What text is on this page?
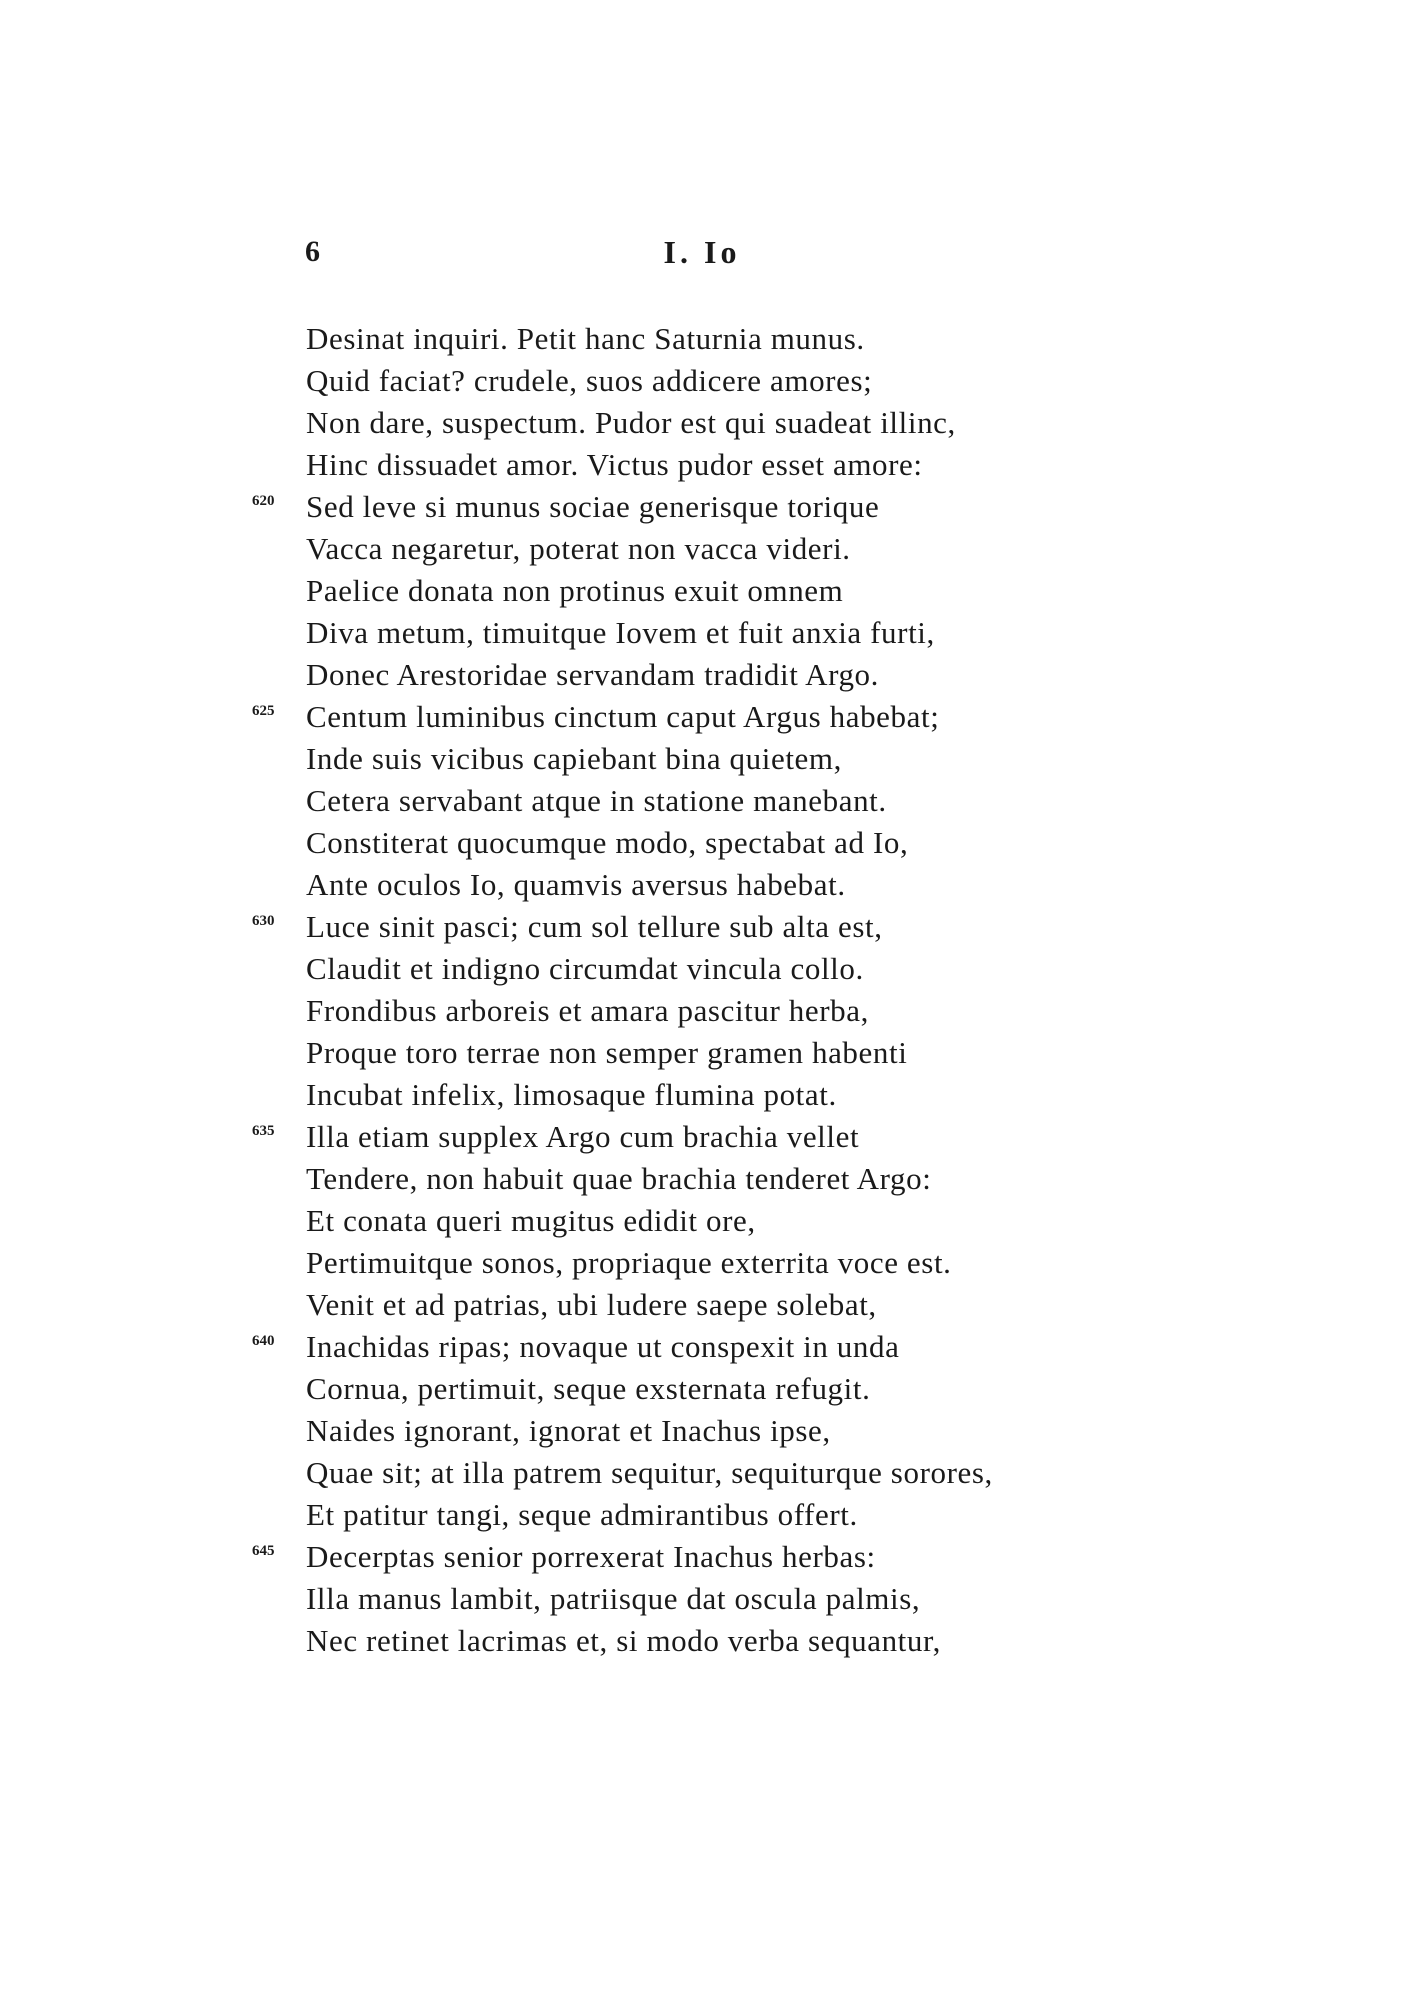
6	I. Io
Desinat inquiri. Petit hanc Saturnia munus.
Quid faciat? crudele, suos addicere amores;
Non dare, suspectum. Pudor est qui suadeat illinc,
Hinc dissuadet amor. Victus pudor esset amore:
620	Sed leve si munus sociae generisque torique
Vacca negaretur, poterat non vacca videri.
Paelice donata non protinus exuit omnem
Diva metum, timuitque Iovem et fuit anxia furti,
Donec Arestoridae servandam tradidit Argo.
625	Centum luminibus cinctum caput Argus habebat;
Inde suis vicibus capiebant bina quietem,
Cetera servabant atque in statione manebant.
Constiterat quocumque modo, spectabat ad Io,
Ante oculos Io, quamvis aversus habebat.
630	Luce sinit pasci; cum sol tellure sub alta est,
Claudit et indigno circumdat vincula collo.
Frondibus arboreis et amara pascitur herba,
Proque toro terrae non semper gramen habenti
Incubat infelix, limosaque flumina potat.
635	Illa etiam supplex Argo cum brachia vellet
Tendere, non habuit quae brachia tenderet Argo:
Et conata queri mugitus edidit ore,
Pertimuitque sonos, propriaque exterrita voce est.
Venit et ad patrias, ubi ludere saepe solebat,
640	Inachidas ripas; novaque ut conspexit in unda
Cornua, pertimuit, seque exsternata refugit.
Naides ignorant, ignorat et Inachus ipse,
Quae sit; at illa patrem sequitur, sequiturque sorores,
Et patitur tangi, seque admirantibus offert.
645	Decerptas senior porrexerat Inachus herbas:
Illa manus lambit, patriisque dat oscula palmis,
Nec retinet lacrimas et, si modo verba sequantur,
